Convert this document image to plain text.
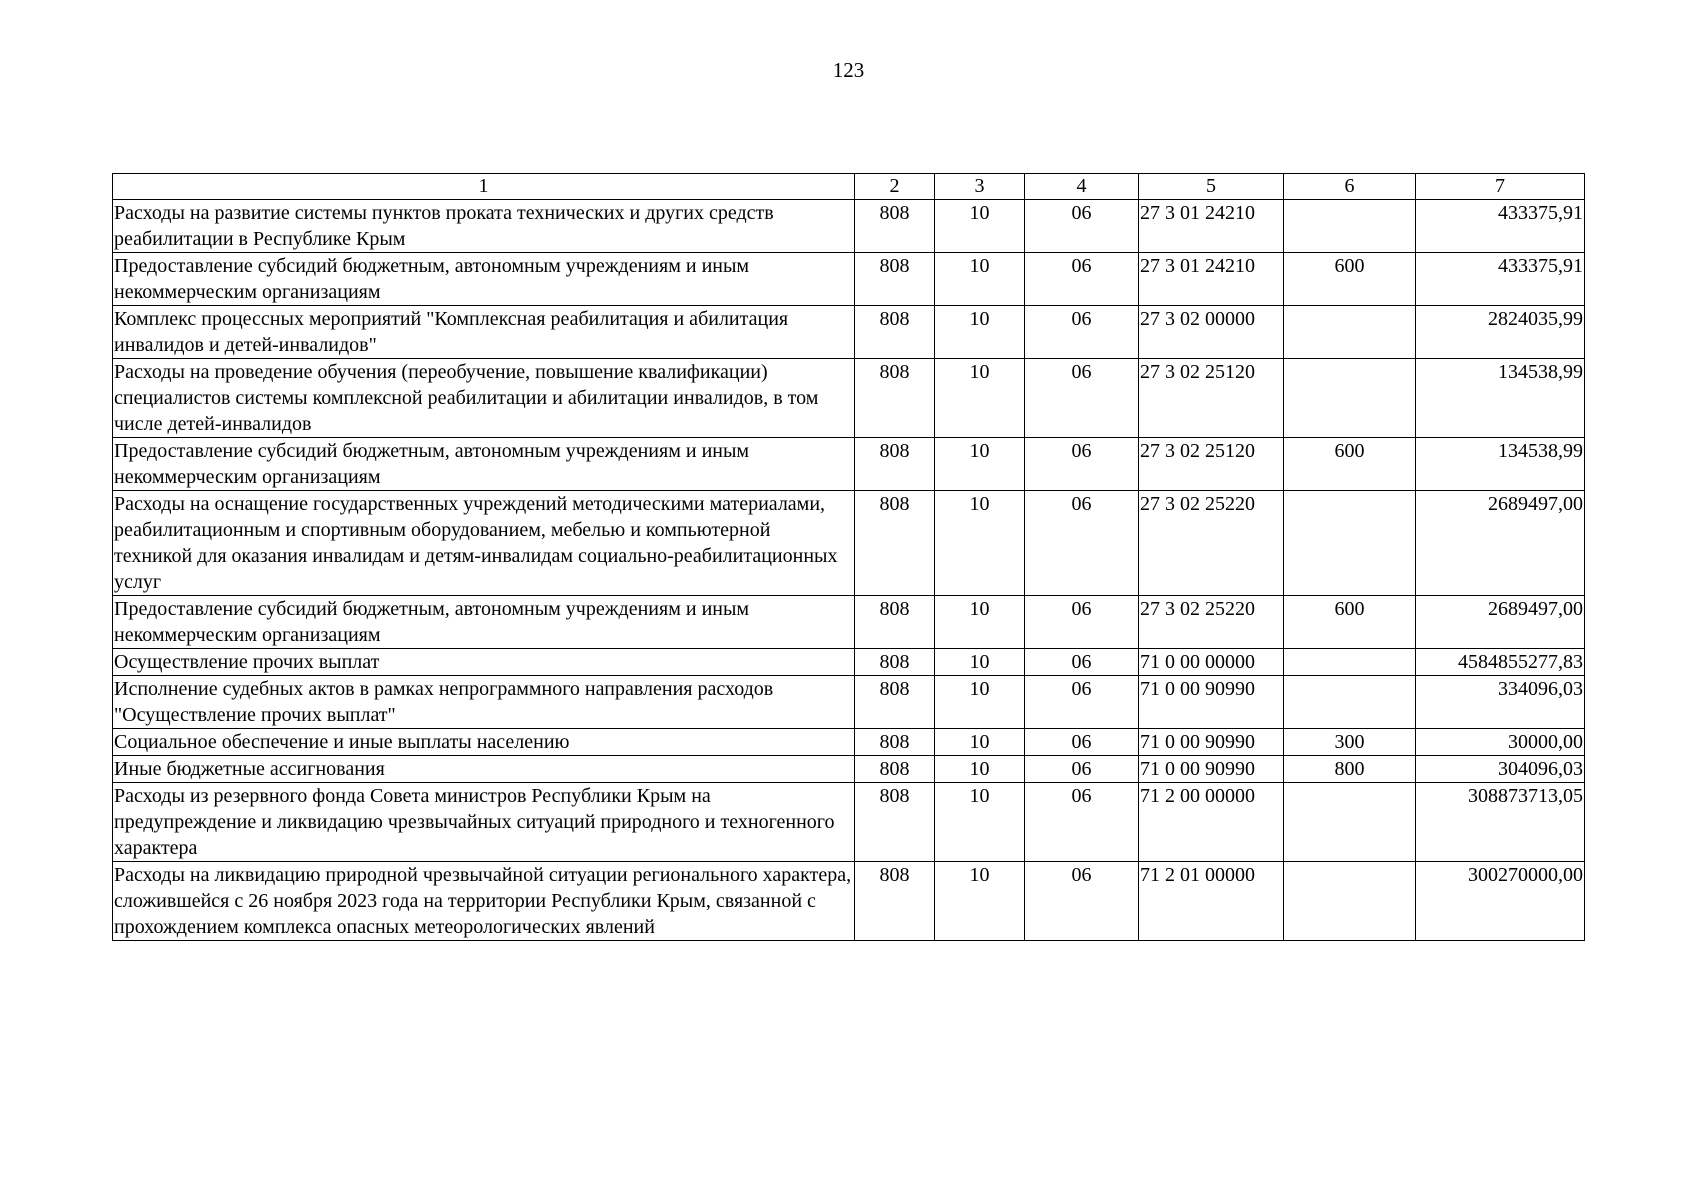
123
1	2	3	4	5	6	7
Расходы на развитие системы пунктов проката технических и других средств реабилитации в Республике Крым	808	10	06	27 3 01 24210		433375,91
Предоставление субсидий бюджетным, автономным учреждениям и иным некоммерческим организациям	808	10	06	27 3 01 24210	600	433375,91
Комплекс процессных мероприятий "Комплексная реабилитация и абилитация инвалидов и детей-инвалидов"	808	10	06	27 3 02 00000		2824035,99
Расходы на проведение обучения (переобучение, повышение квалификации) специалистов системы комплексной реабилитации и абилитации инвалидов, в том числе детей-инвалидов	808	10	06	27 3 02 25120		134538,99
Предоставление субсидий бюджетным, автономным учреждениям и иным некоммерческим организациям	808	10	06	27 3 02 25120	600	134538,99
Расходы на оснащение государственных учреждений методическими материалами, реабилитационным и спортивным оборудованием, мебелью и компьютерной техникой для оказания инвалидам и детям-инвалидам социально-реабилитационных услуг	808	10	06	27 3 02 25220		2689497,00
Предоставление субсидий бюджетным, автономным учреждениям и иным некоммерческим организациям	808	10	06	27 3 02 25220	600	2689497,00
Осуществление прочих выплат	808	10	06	71 0 00 00000		4584855277,83
Исполнение судебных актов в рамках непрограммного направления расходов "Осуществление прочих выплат"	808	10	06	71 0 00 90990		334096,03
Социальное обеспечение и иные выплаты населению	808	10	06	71 0 00 90990	300	30000,00
Иные бюджетные ассигнования	808	10	06	71 0 00 90990	800	304096,03
Расходы из резервного фонда Совета министров Республики Крым на предупреждение и ликвидацию чрезвычайных ситуаций природного и техногенного характера	808	10	06	71 2 00 00000		308873713,05
Расходы на ликвидацию природной чрезвычайной ситуации регионального характера, сложившейся с 26 ноября 2023 года на территории Республики Крым, связанной с прохождением комплекса опасных метеорологических явлений	808	10	06	71 2 01 00000		300270000,00
